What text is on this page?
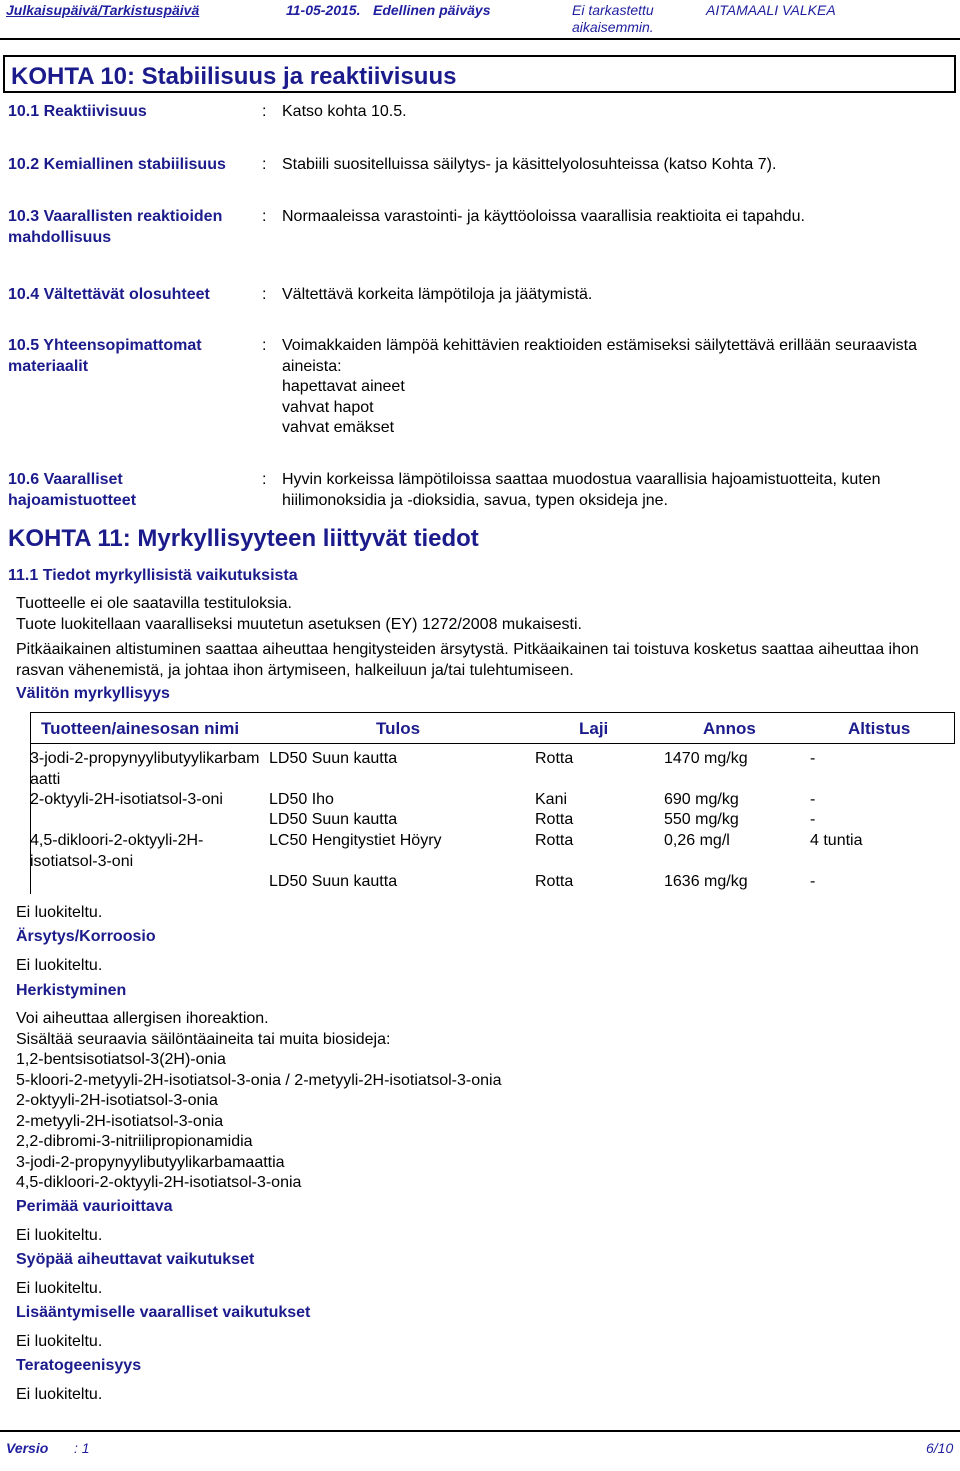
Julkaisupäivä/Tarkistuspäivä	11-05-2015. Edellinen päiväys	Ei tarkastettu aikaisemmin.
AITAMAALI VALKEA
KOHTA 10: Stabiilisuus ja reaktiivisuus
10.1 Reaktiivisuus	: Katso kohta 10.5.
10.2 Kemiallinen stabiilisuus	: Stabiili suositelluissa säilytys- ja käsittelyolosuhteissa (katso Kohta 7).
10.3 Vaarallisten reaktioiden mahdollisuus
: Normaaleissa varastointi- ja käyttöoloissa vaarallisia reaktioita ei tapahdu.
10.4 Vältettävät olosuhteet	: Vältettävä korkeita lämpötiloja ja jäätymistä.
10.5 Yhteensopimattomat materiaalit
: Voimakkaiden lämpöä kehittävien reaktioiden estämiseksi säilytettävä erillään seuraavista aineista:
hapettavat aineet
vahvat hapot
vahvat emäkset
10.6 Vaaralliset hajoamistuotteet
: Hyvin korkeissa lämpötiloissa saattaa muodostua vaarallisia hajoamistuotteita, kuten hiilimonoksidia ja -dioksidia, savua, typen oksideja jne.
KOHTA 11: Myrkyllisyyteen liittyvät tiedot
11.1 Tiedot myrkyllisistä vaikutuksista
Tuotteelle ei ole saatavilla testituloksia.
Tuote luokitellaan vaaralliseksi muutetun asetuksen (EY) 1272/2008 mukaisesti.
Pitkäaikainen altistuminen saattaa aiheuttaa hengitysteiden ärsytystä. Pitkäaikainen tai toistuva kosketus saattaa aiheuttaa ihon rasvan vähenemistä, ja johtaa ihon ärtymiseen, halkeiluun ja/tai tulehtumiseen.
Välitön myrkyllisyys
Tuotteen/ainesosan nimi	Tulos	Laji	Annos	Altistus
3-jodi-2-propynyylibutyylikarbamaatti
LD50 Suun kautta	Rotta	1470 mg/kg	-
2-oktyyli-2H-isotiatsol-3-oni	LD50 Iho	Kani	690 mg/kg	-
LD50 Suun kautta	Rotta	550 mg/kg	-
4,5-dikloori-2-oktyyli-2H-isotiatsol-3-oni
LC50 Hengitystiet Höyry	Rotta	0,26 mg/l	4 tuntia
LD50 Suun kautta	Rotta	1636 mg/kg	-
Ei luokiteltu.
Ärsytys/Korroosio
Ei luokiteltu.
Herkistyminen
Voi aiheuttaa allergisen ihoreaktion.
Sisältää seuraavia säilöntäaineita tai muita biosideja:
1,2-bentsisotiatsol-3(2H)-onia
5-kloori-2-metyyli-2H-isotiatsol-3-onia / 2-metyyli-2H-isotiatsol-3-onia
2-oktyyli-2H-isotiatsol-3-onia
2-metyyli-2H-isotiatsol-3-onia
2,2-dibromi-3-nitriilipropionamidia
3-jodi-2-propynyylibutyylikarbamaattia
4,5-dikloori-2-oktyyli-2H-isotiatsol-3-onia
Perimää vaurioittava
Ei luokiteltu.
Syöpää aiheuttavat vaikutukset
Ei luokiteltu.
Lisääntymiselle vaaralliset vaikutukset
Ei luokiteltu.
Teratogeenisyys
Ei luokiteltu.
Versio : 1	6/10
